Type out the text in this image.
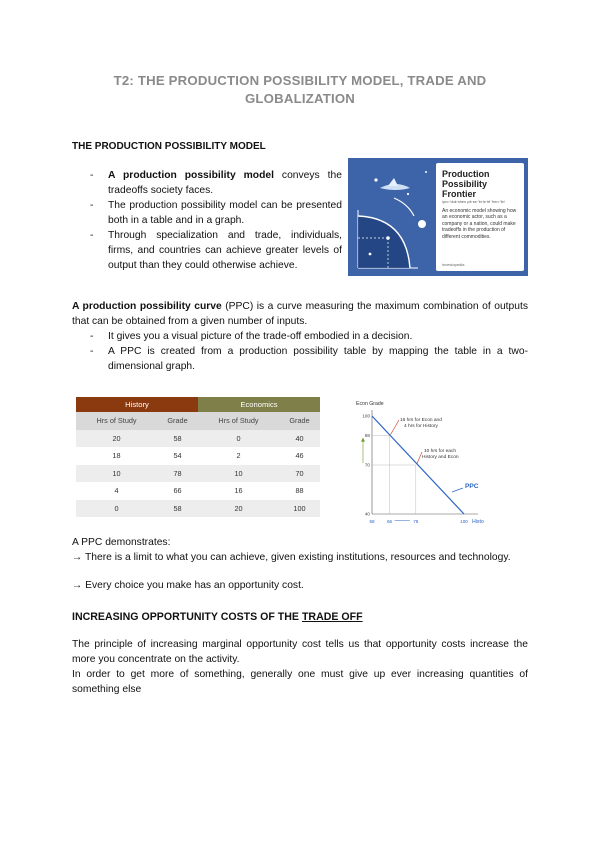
T2: THE PRODUCTION POSSIBILITY MODEL, TRADE AND
GLOBALIZATION
THE PRODUCTION POSSIBILITY MODEL
- A production possibility model conveys the tradeoffs society faces.
- The production possibility model can be presented both in a table and in a graph.
- Through specialization and trade, individuals, firms, and countries can achieve greater levels of output than they could otherwise achieve.
Production Possibility Frontier
/pro·'duk·shen pä·se·'bi·le·tē 'fren·'tir/
An economic model showing how an economic actor, such as a company or a nation, could make tradeoffs in the production of different commodities.
investopedia
A production possibility curve (PPC) is a curve measuring the maximum combination of outputs that can be obtained from a given number of inputs.
- It gives you a visual picture of the trade-off embodied in a decision.
- A PPC is created from a production possibility table by mapping the table in a two-dimensional graph.
History		Economics	
Hrs of Study	Grade	Hrs of Study	Grade
20	58	0	40
18	54	2	46
10	78	10	70
4	66	16	88
0	58	20	100
Econ Grade
Histo
100
88
70
40
58	66	78	100
16 hrs for Econ and
4 hrs for History
10 hrs for each
History and Econ
PPC
A PPC demonstrates:
→ There is a limit to what you can achieve, given existing institutions, resources and technology.
→ Every choice you make has an opportunity cost.
INCREASING OPPORTUNITY COSTS OF THE TRADE OFF
The principle of increasing marginal opportunity cost tells us that opportunity costs increase the more you concentrate on the activity.
In order to get more of something, generally one must give up ever increasing quantities of something else
